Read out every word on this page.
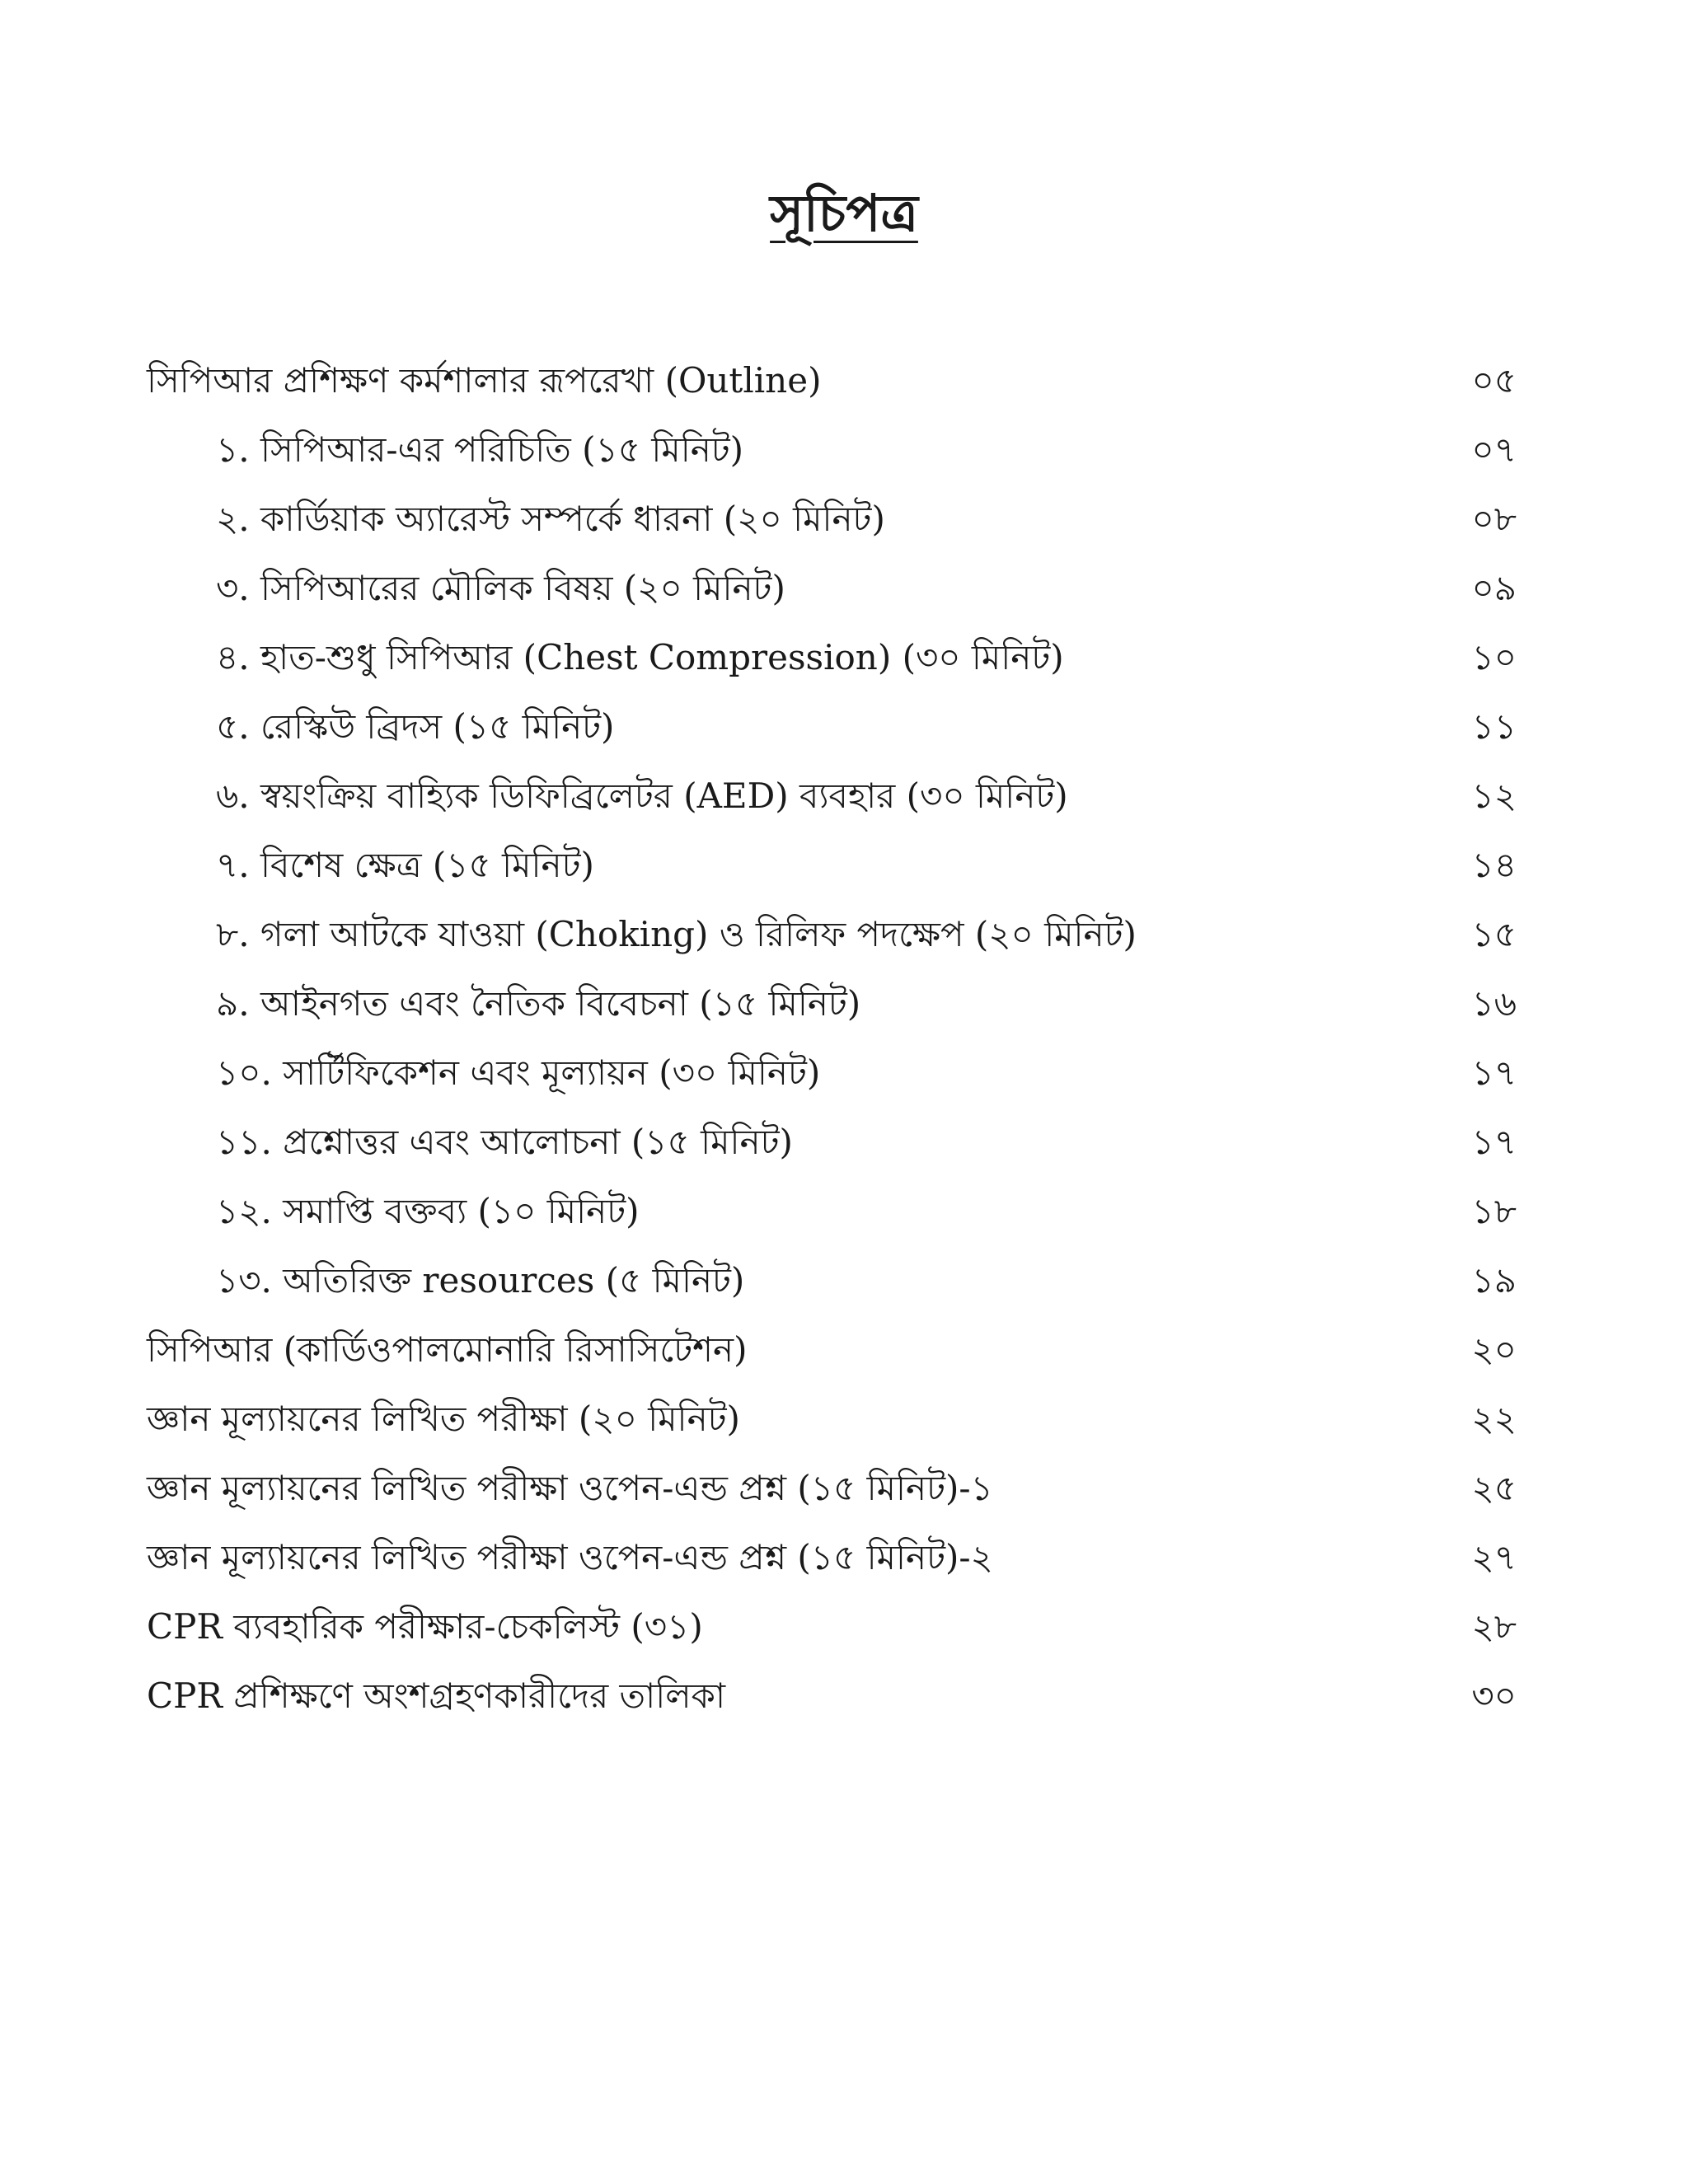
সূচিপত্র
সিপিআর প্রশিক্ষণ কর্মশালার রূপরেখা (Outline)	০৫
১. সিপিআর-এর পরিচিতি (১৫ মিনিট)	০৭
২. কার্ডিয়াক অ্যারেস্ট সম্পর্কে ধারনা (২০ মিনিট)	০৮
৩. সিপিআরের মৌলিক বিষয় (২০ মিনিট)	০৯
৪. হাত-শুধু সিপিআর (Chest Compression) (৩০ মিনিট)	১০
৫. রেস্কিউ ব্রিদস (১৫ মিনিট)	১১
৬. স্বয়ংক্রিয় বাহ্যিক ডিফিব্রিলেটর (AED) ব্যবহার (৩০ মিনিট)	১২
৭. বিশেষ ক্ষেত্র (১৫ মিনিট)	১৪
৮. গলা আটকে যাওয়া (Choking) ও রিলিফ পদক্ষেপ (২০ মিনিট)	১৫
৯. আইনগত এবং নৈতিক বিবেচনা (১৫ মিনিট)	১৬
১০. সার্টিফিকেশন এবং মূল্যায়ন (৩০ মিনিট)	১৭
১১. প্রশ্নোত্তর এবং আলোচনা (১৫ মিনিট)	১৭
১২. সমাপ্তি বক্তব্য (১০ মিনিট)	১৮
১৩. অতিরিক্ত resources (৫ মিনিট)	১৯
সিপিআর (কার্ডিওপালমোনারি রিসাসিটেশন)	২০
জ্ঞান মূল্যায়নের লিখিত পরীক্ষা (২০ মিনিট)	২২
জ্ঞান মূল্যায়নের লিখিত পরীক্ষা ওপেন-এন্ড প্রশ্ন (১৫ মিনিট)-১	২৫
জ্ঞান মূল্যায়নের লিখিত পরীক্ষা ওপেন-এন্ড প্রশ্ন (১৫ মিনিট)-২	২৭
CPR ব্যবহারিক পরীক্ষার-চেকলিস্ট (৩১)	২৮
CPR প্রশিক্ষণে অংশগ্রহণকারীদের তালিকা	৩০
